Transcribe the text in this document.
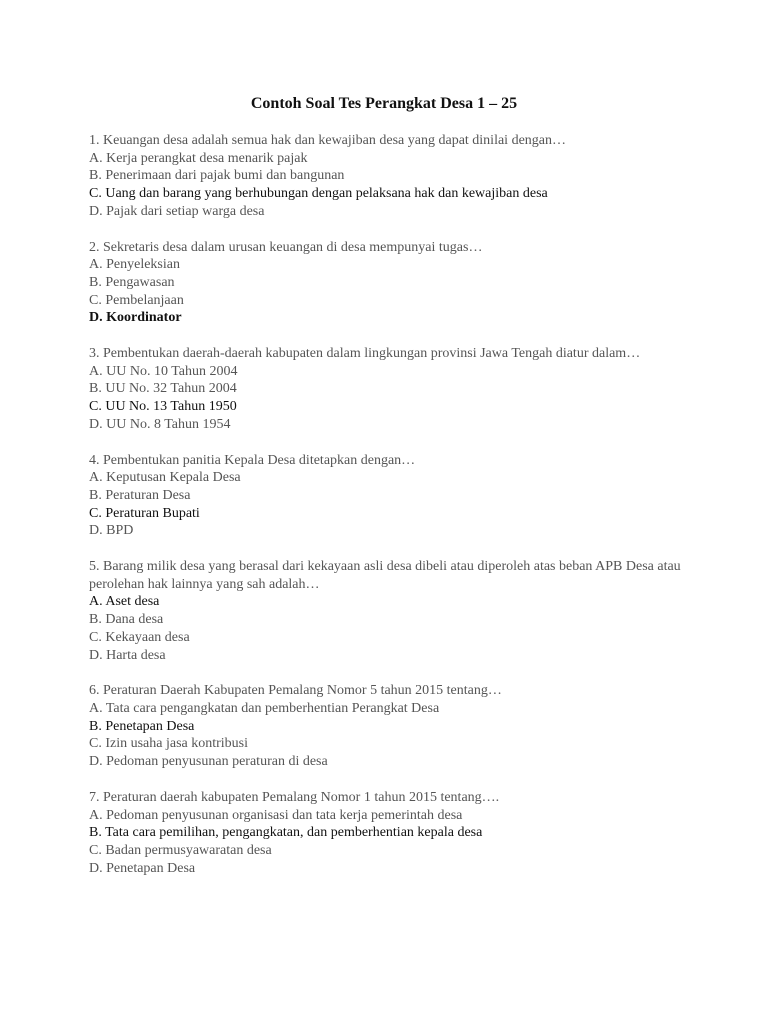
Contoh Soal Tes Perangkat Desa 1 – 25
1. Keuangan desa adalah semua hak dan kewajiban desa yang dapat dinilai dengan…
A. Kerja perangkat desa menarik pajak
B. Penerimaan dari pajak bumi dan bangunan
C. Uang dan barang yang berhubungan dengan pelaksana hak dan kewajiban desa
D. Pajak dari setiap warga desa
2. Sekretaris desa dalam urusan keuangan di desa mempunyai tugas…
A. Penyeleksian
B. Pengawasan
C. Pembelanjaan
D. Koordinator
3. Pembentukan daerah-daerah kabupaten dalam lingkungan provinsi Jawa Tengah diatur dalam…
A. UU No. 10 Tahun 2004
B. UU No. 32 Tahun 2004
C. UU No. 13 Tahun 1950
D. UU No. 8 Tahun 1954
4. Pembentukan panitia Kepala Desa ditetapkan dengan…
A. Keputusan Kepala Desa
B. Peraturan Desa
C. Peraturan Bupati
D. BPD
5. Barang milik desa yang berasal dari kekayaan asli desa dibeli atau diperoleh atas beban APB Desa atau perolehan hak lainnya yang sah adalah…
A. Aset desa
B. Dana desa
C. Kekayaan desa
D. Harta desa
6. Peraturan Daerah Kabupaten Pemalang Nomor 5 tahun 2015 tentang…
A. Tata cara pengangkatan dan pemberhentian Perangkat Desa
B. Penetapan Desa
C. Izin usaha jasa kontribusi
D. Pedoman penyusunan peraturan di desa
7. Peraturan daerah kabupaten Pemalang Nomor 1 tahun 2015 tentang….
A. Pedoman penyusunan organisasi dan tata kerja pemerintah desa
B. Tata cara pemilihan, pengangkatan, dan pemberhentian kepala desa
C. Badan permusyawaratan desa
D. Penetapan Desa
